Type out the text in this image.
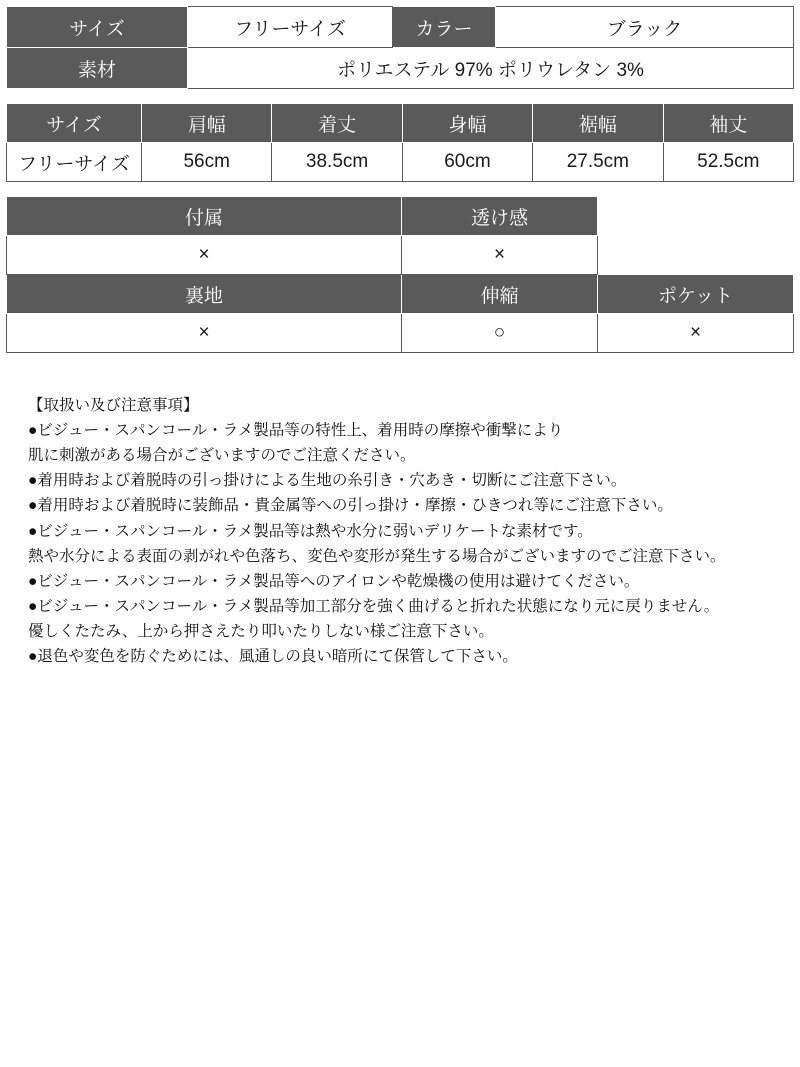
サイズ	フリーサイズ	カラー	ブラック
素材	ポリエステル 97% ポリウレタン 3%		
サイズ	肩幅	着丈	身幅	裾幅	袖丈
フリーサイズ	56cm	38.5cm	60cm	27.5cm	52.5cm
付属	透け感	
×	×	
裏地	伸縮	ポケット
×	○	×

【取扱い及び注意事項】

●ビジュー・スパンコール・ラメ製品等の特性上、着用時の摩擦や衝撃により

肌に刺激がある場合がございますのでご注意ください。

●着用時および着脱時の引っ掛けによる生地の糸引き・穴あき・切断にご注意下さい。

●着用時および着脱時に装飾品・貴金属等への引っ掛け・摩擦・ひきつれ等にご注意下さい。

●ビジュー・スパンコール・ラメ製品等は熱や水分に弱いデリケートな素材です。

熱や水分による表面の剥がれや色落ち、変色や変形が発生する場合がございますのでご注意下さい。

●ビジュー・スパンコール・ラメ製品等へのアイロンや乾燥機の使用は避けてください。

●ビジュー・スパンコール・ラメ製品等加工部分を強く曲げると折れた状態になり元に戻りません。

優しくたたみ、上から押さえたり叩いたりしない様ご注意下さい。

●退色や変色を防ぐためには、風通しの良い暗所にて保管して下さい。
